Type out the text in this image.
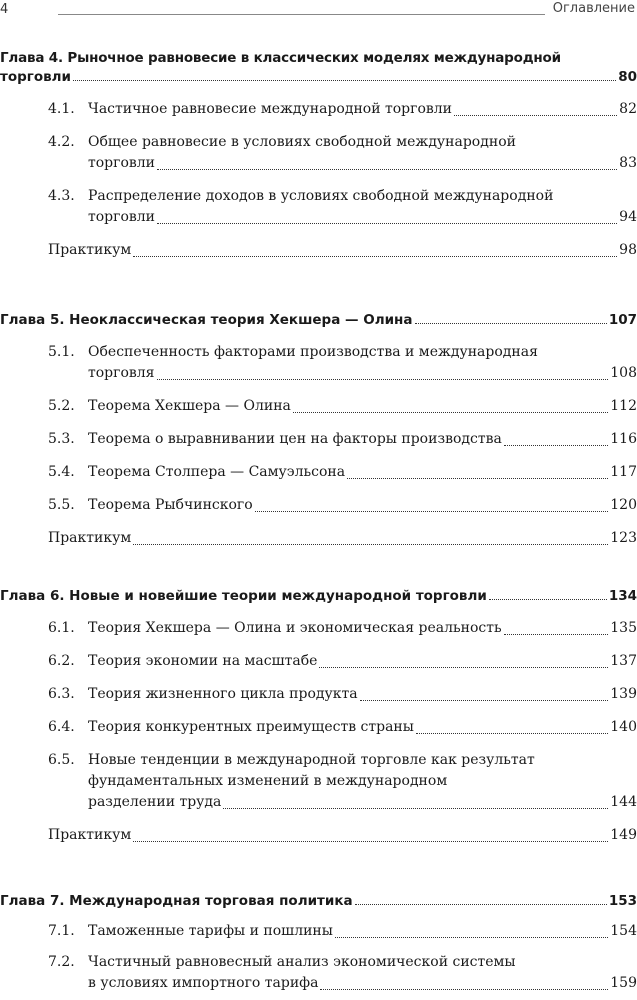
4	Оглавление
Глава 4. Рыночное равновесие в классических моделях международной
торговли	80
4.1. Частичное равновесие международной торговли	82
4.2. Общее равновесие в условиях свободной международной
торговли	83
4.3. Распределение доходов в условиях свободной международной
торговли	94
Практикум	98
Глава 5. Неоклассическая теория Хекшера — Олина	107
5.1. Обеспеченность факторами производства и международная
торговля	108
5.2. Теорема Хекшера — Олина	112
5.3. Теорема о выравнивании цен на факторы производства	116
5.4. Теорема Столпера — Самуэльсона	117
5.5. Теорема Рыбчинского	120
Практикум	123
Глава 6. Новые и новейшие теории международной торговли	134
6.1. Теория Хекшера — Олина и экономическая реальность	135
6.2. Теория экономии на масштабе	137
6.3. Теория жизненного цикла продукта	139
6.4. Теория конкурентных преимуществ страны	140
6.5. Новые тенденции в международной торговле как результат
фундаментальных изменений в международном
разделении труда	144
Практикум	149
Глава 7. Международная торговая политика	153
7.1. Таможенные тарифы и пошлины	154
7.2. Частичный равновесный анализ экономической системы
в условиях импортного тарифа	159
